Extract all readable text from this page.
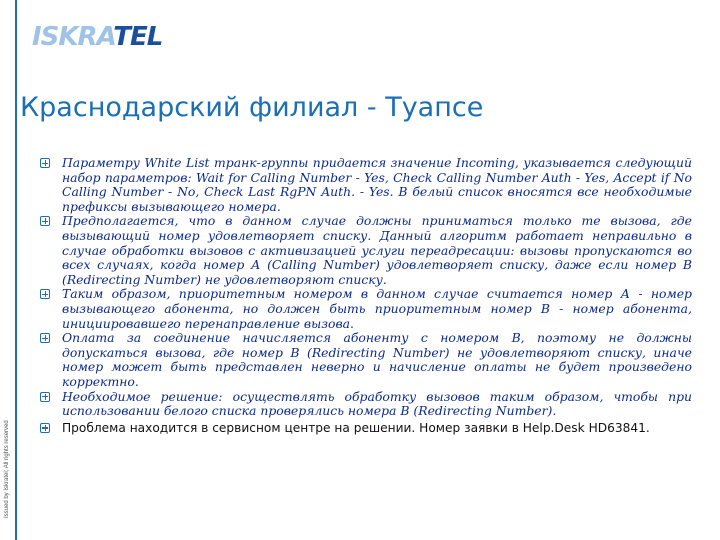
Issued by Iskratel; All rights reserved
ISKRATEL
Краснодарский филиал - Туапсе
Параметру White List транк-группы придается значение Incoming, указывается следующий набор параметров: Wait for Calling Number - Yes, Check Calling Number Auth - Yes, Accept if No Calling Number - No, Check Last RgPN Auth. - Yes. В белый список вносятся все необходимые префиксы вызывающего номера.
Предполагается, что в данном случае должны приниматься только те вызова, где вызывающий номер удовлетворяет списку. Данный алгоритм работает неправильно в случае обработки вызовов с активизацией услуги переадресации: вызовы пропускаются во всех случаях, когда номер А (Calling Number) удовлетворяет списку, даже если номер В (Redirecting Number) не удовлетворяют списку.
Таким образом, приоритетным номером в данном случае считается номер А - номер вызывающего абонента, но должен быть приоритетным номер В - номер абонента, инициировавшего перенаправление вызова.
Оплата за соединение начисляется абоненту с номером В, поэтому не должны допускаться вызова, где номер В (Redirecting Number) не удовлетворяют списку, иначе номер может быть представлен неверно и начисление оплаты не будет произведено корректно.
Необходимое решение: осуществлять обработку вызовов таким образом, чтобы при использовании белого списка проверялись номера В (Redirecting Number).
Проблема находится в сервисном центре на решении. Номер заявки в Help.Desk HD63841.
